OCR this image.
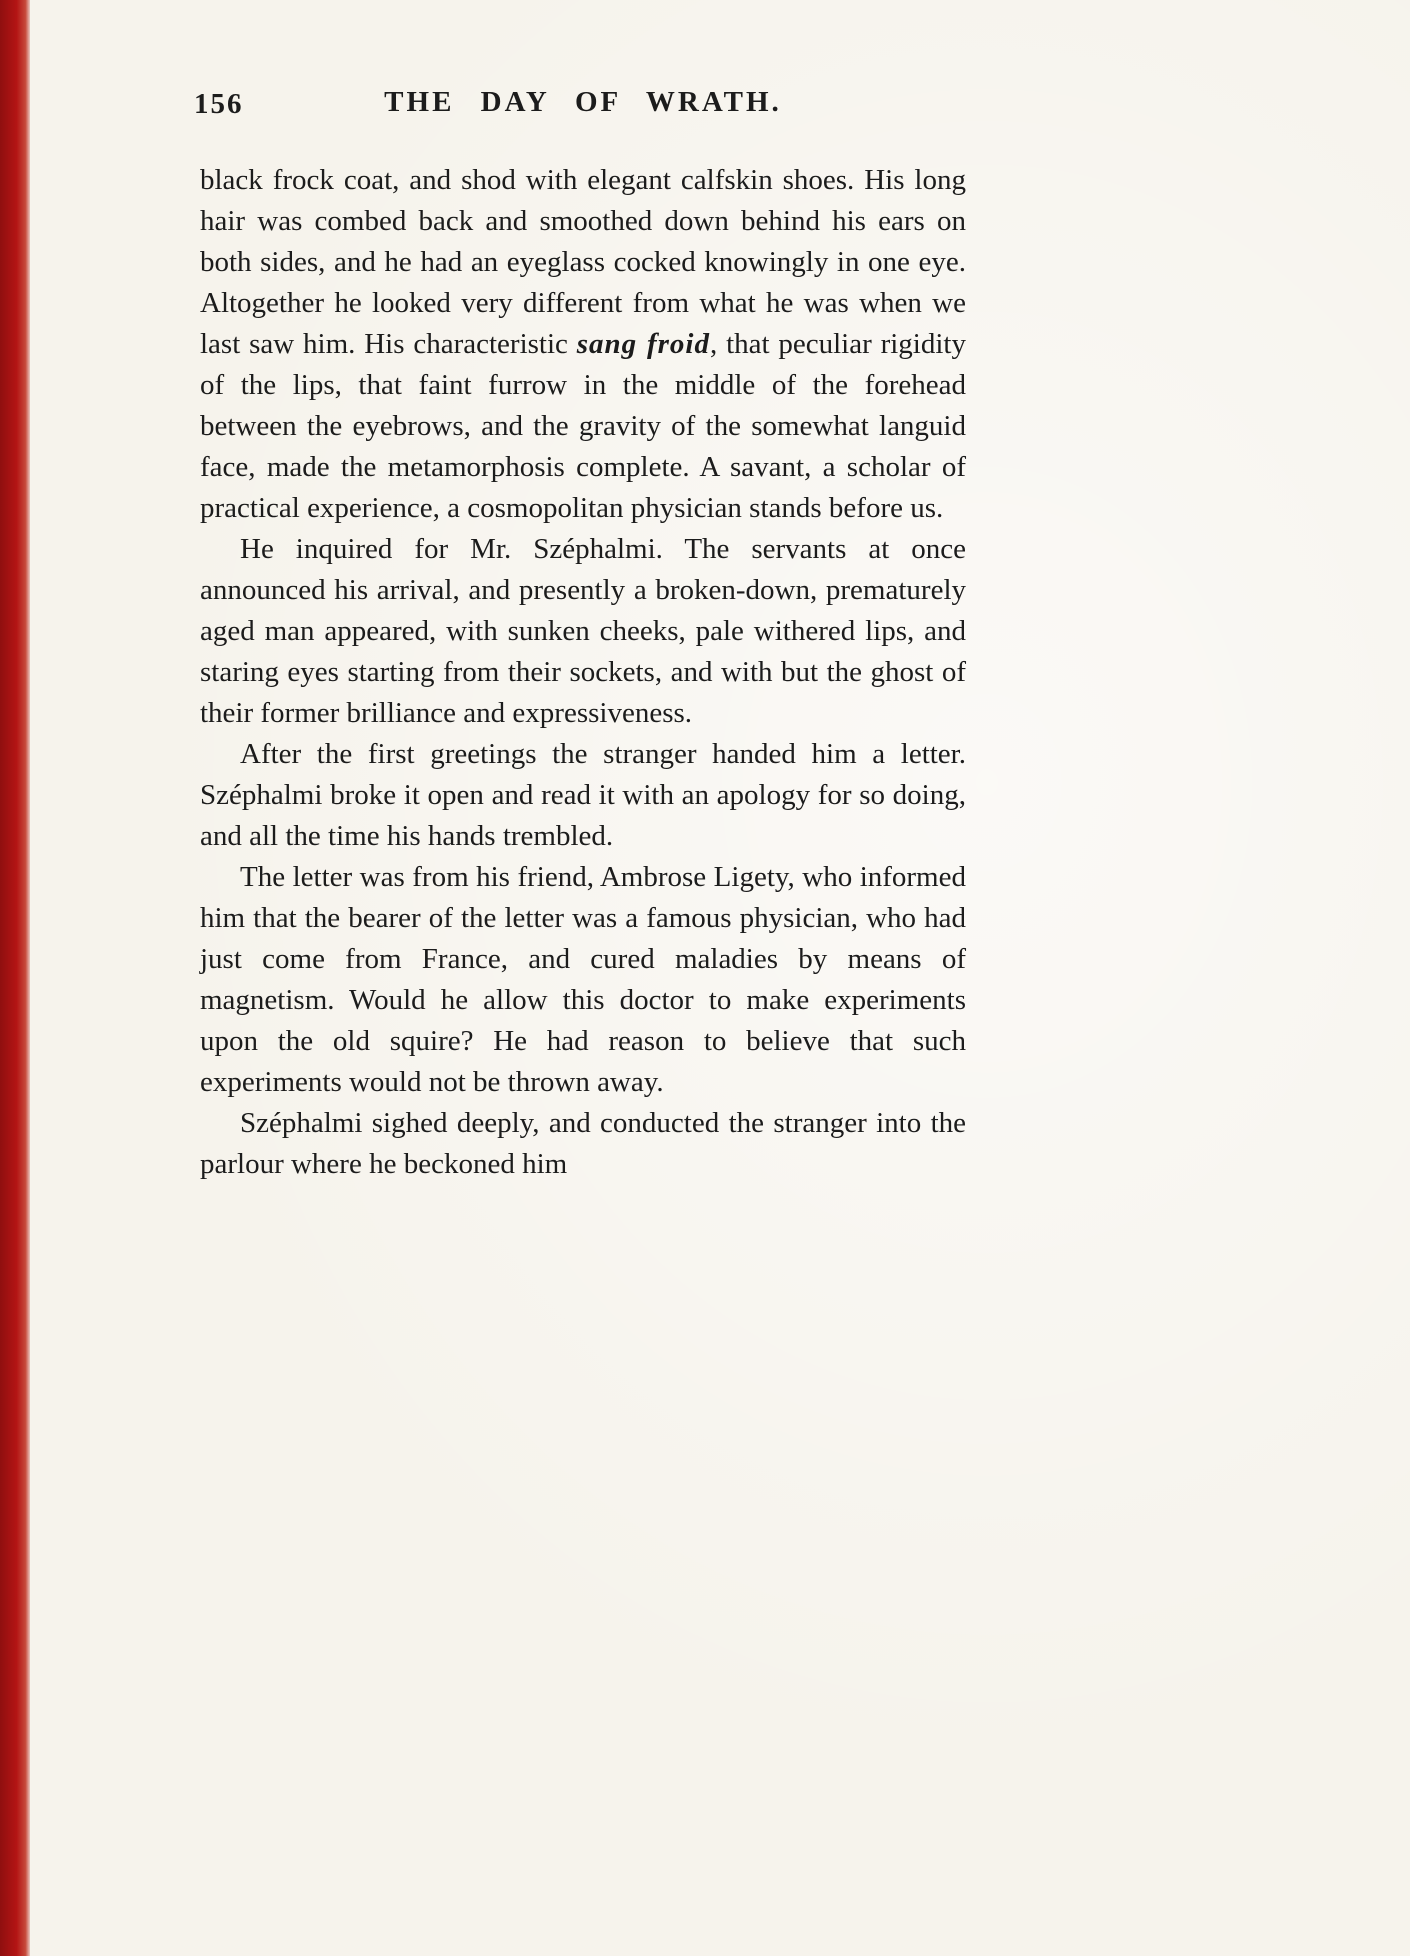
156	THE DAY OF WRATH.

black frock coat, and shod with elegant calfskin shoes. His long hair was combed back and smoothed down behind his ears on both sides, and he had an eyeglass cocked knowingly in one eye. Altogether he looked very different from what he was when we last saw him. His characteristic sang froid, that peculiar rigidity of the lips, that faint furrow in the middle of the forehead between the eyebrows, and the gravity of the somewhat languid face, made the metamorphosis complete. A savant, a scholar of practical experience, a cosmopolitan physician stands before us.

He inquired for Mr. Széphalmi. The servants at once announced his arrival, and presently a broken-down, prematurely aged man appeared, with sunken cheeks, pale withered lips, and staring eyes starting from their sockets, and with but the ghost of their former brilliance and expressiveness.

After the first greetings the stranger handed him a letter. Széphalmi broke it open and read it with an apology for so doing, and all the time his hands trembled.

The letter was from his friend, Ambrose Ligety, who informed him that the bearer of the letter was a famous physician, who had just come from France, and cured maladies by means of magnetism. Would he allow this doctor to make experiments upon the old squire? He had reason to believe that such experiments would not be thrown away.

Széphalmi sighed deeply, and conducted the stranger into the parlour where he beckoned him
